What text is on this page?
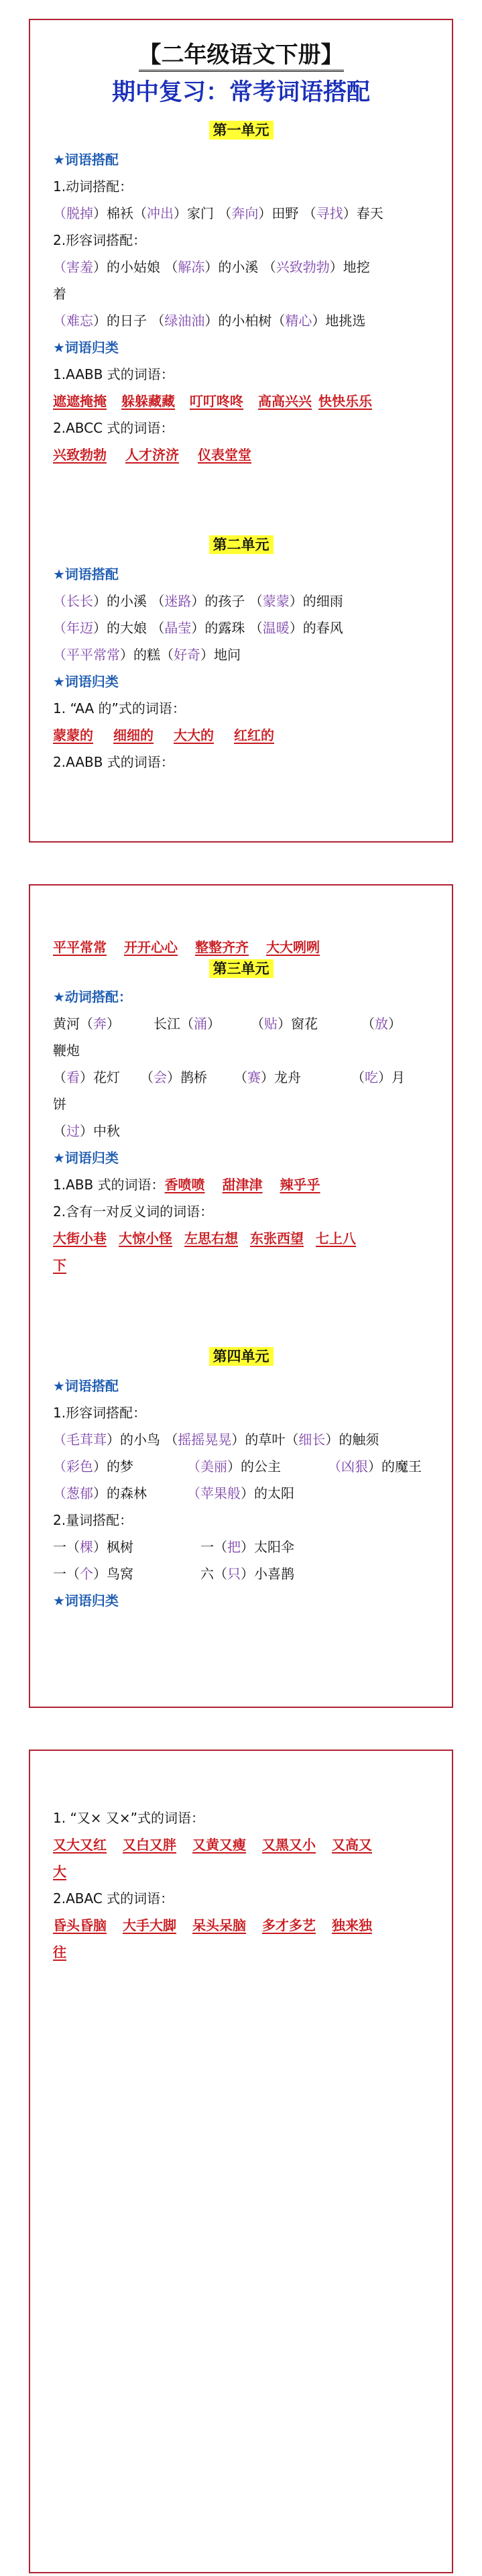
【二年级语文下册】
期中复习：常考词语搭配
第一单元
★词语搭配
1.动词搭配：
（脱掉）棉袄（冲出）家门 （奔向）田野 （寻找）春天
2.形容词搭配：
（害羞）的小姑娘 （解冻）的小溪 （兴致勃勃）地挖
着
（难忘）的日子 （绿油油）的小柏树（精心）地挑选
★词语归类
1.AABB 式的词语：
遮遮掩掩 躲躲藏藏 叮叮咚咚 高高兴兴 快快乐乐
2.ABCC 式的词语：
兴致勃勃 人才济济 仪表堂堂
第二单元
★词语搭配
（长长）的小溪 （迷路）的孩子 （蒙蒙）的细雨
（年迈）的大娘 （晶莹）的露珠 （温暖）的春风
（平平常常）的糕（好奇）地问
★词语归类
1. “AA 的”式的词语：
蒙蒙的 细细的 大大的 红红的
2.AABB 式的词语：
平平常常 开开心心 整整齐齐 大大咧咧
第三单元
★动词搭配：
黄河（奔）	长江（涌） （贴）窗花	（放）
鞭炮
（看）花灯 （会）鹊桥 （赛）龙舟	（吃）月
饼
（过）中秋
★词语归类
1.ABB 式的词语：香喷喷 甜津津 辣乎乎
2.含有一对反义词的词语：
大街小巷 大惊小怪 左思右想 东张西望 七上八
下
第四单元
★词语搭配
1.形容词搭配：
（毛茸茸）的小鸟 （摇摇晃晃）的草叶（细长）的触须
（彩色）的梦	（美丽）的公主	（凶狠）的魔王
（葱郁）的森林	（苹果般）的太阳
2.量词搭配：
一（棵）枫树	一（把）太阳伞
一（个）鸟窝	六（只）小喜鹊
★词语归类
1. “又× 又×”式的词语：
又大又红 又白又胖 又黄又瘦 又黑又小 又高又
大
2.ABAC 式的词语：
昏头昏脑 大手大脚 呆头呆脑 多才多艺 独来独
往
